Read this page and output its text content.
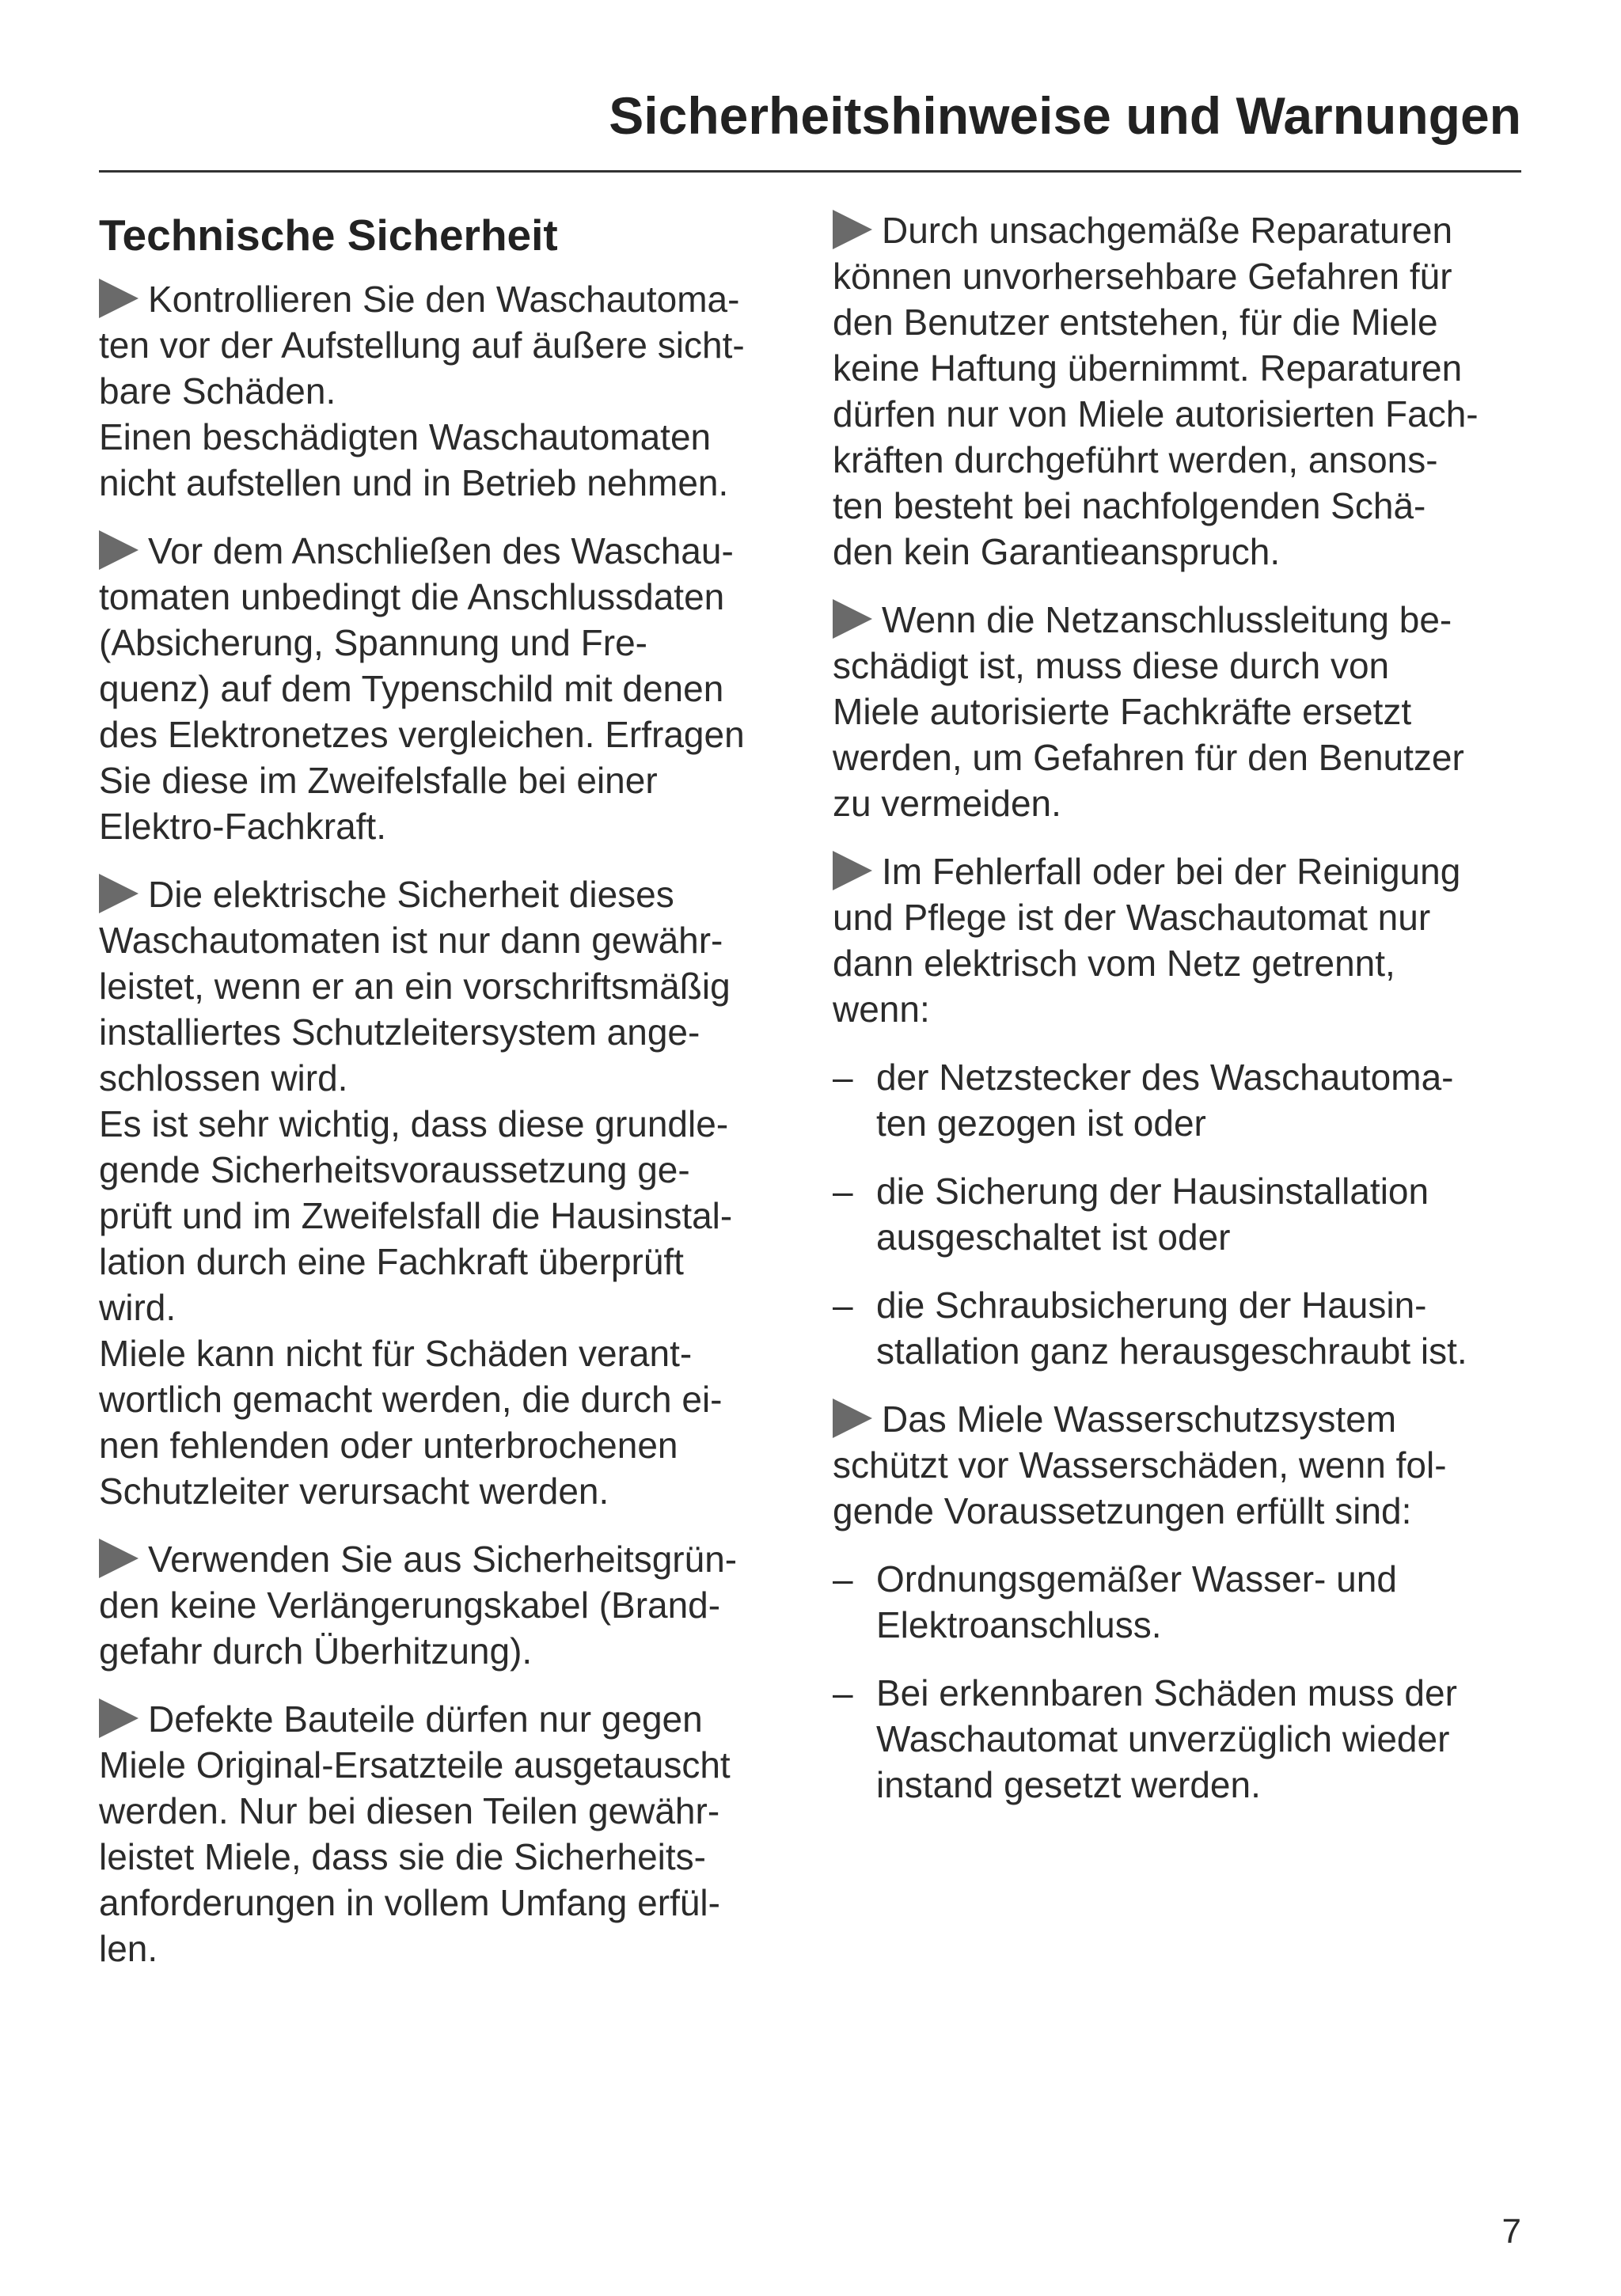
Sicherheitshinweise und Warnungen
Technische Sicherheit
Kontrollieren Sie den Waschautoma-
ten vor der Aufstellung auf äußere sicht-
bare Schäden.
Einen beschädigten Waschautomaten
nicht aufstellen und in Betrieb nehmen.
Vor dem Anschließen des Waschau-
tomaten unbedingt die Anschlussdaten
(Absicherung, Spannung und Fre-
quenz) auf dem Typenschild mit denen
des Elektronetzes vergleichen. Erfragen
Sie diese im Zweifelsfalle bei einer
Elektro-Fachkraft.
Die elektrische Sicherheit dieses
Waschautomaten ist nur dann gewähr-
leistet, wenn er an ein vorschriftsmäßig
installiertes Schutzleitersystem ange-
schlossen wird.
Es ist sehr wichtig, dass diese grundle-
gende Sicherheitsvoraussetzung ge-
prüft und im Zweifelsfall die Hausinstal-
lation durch eine Fachkraft überprüft
wird.
Miele kann nicht für Schäden verant-
wortlich gemacht werden, die durch ei-
nen fehlenden oder unterbrochenen
Schutzleiter verursacht werden.
Verwenden Sie aus Sicherheitsgrün-
den keine Verlängerungskabel (Brand-
gefahr durch Überhitzung).
Defekte Bauteile dürfen nur gegen
Miele Original-Ersatzteile ausgetauscht
werden. Nur bei diesen Teilen gewähr-
leistet Miele, dass sie die Sicherheits-
anforderungen in vollem Umfang erfül-
len.
Durch unsachgemäße Reparaturen
können unvorhersehbare Gefahren für
den Benutzer entstehen, für die Miele
keine Haftung übernimmt. Reparaturen
dürfen nur von Miele autorisierten Fach-
kräften durchgeführt werden, ansons-
ten besteht bei nachfolgenden Schä-
den kein Garantieanspruch.
Wenn die Netzanschlussleitung be-
schädigt ist, muss diese durch von
Miele autorisierte Fachkräfte ersetzt
werden, um Gefahren für den Benutzer
zu vermeiden.
Im Fehlerfall oder bei der Reinigung
und Pflege ist der Waschautomat nur
dann elektrisch vom Netz getrennt,
wenn:
– der Netzstecker des Waschautoma-
ten gezogen ist oder
– die Sicherung der Hausinstallation
ausgeschaltet ist oder
– die Schraubsicherung der Hausin-
stallation ganz herausgeschraubt ist.
Das Miele Wasserschutzsystem
schützt vor Wasserschäden, wenn fol-
gende Voraussetzungen erfüllt sind:
– Ordnungsgemäßer Wasser- und
Elektroanschluss.
– Bei erkennbaren Schäden muss der
Waschautomat unverzüglich wieder
instand gesetzt werden.
7
